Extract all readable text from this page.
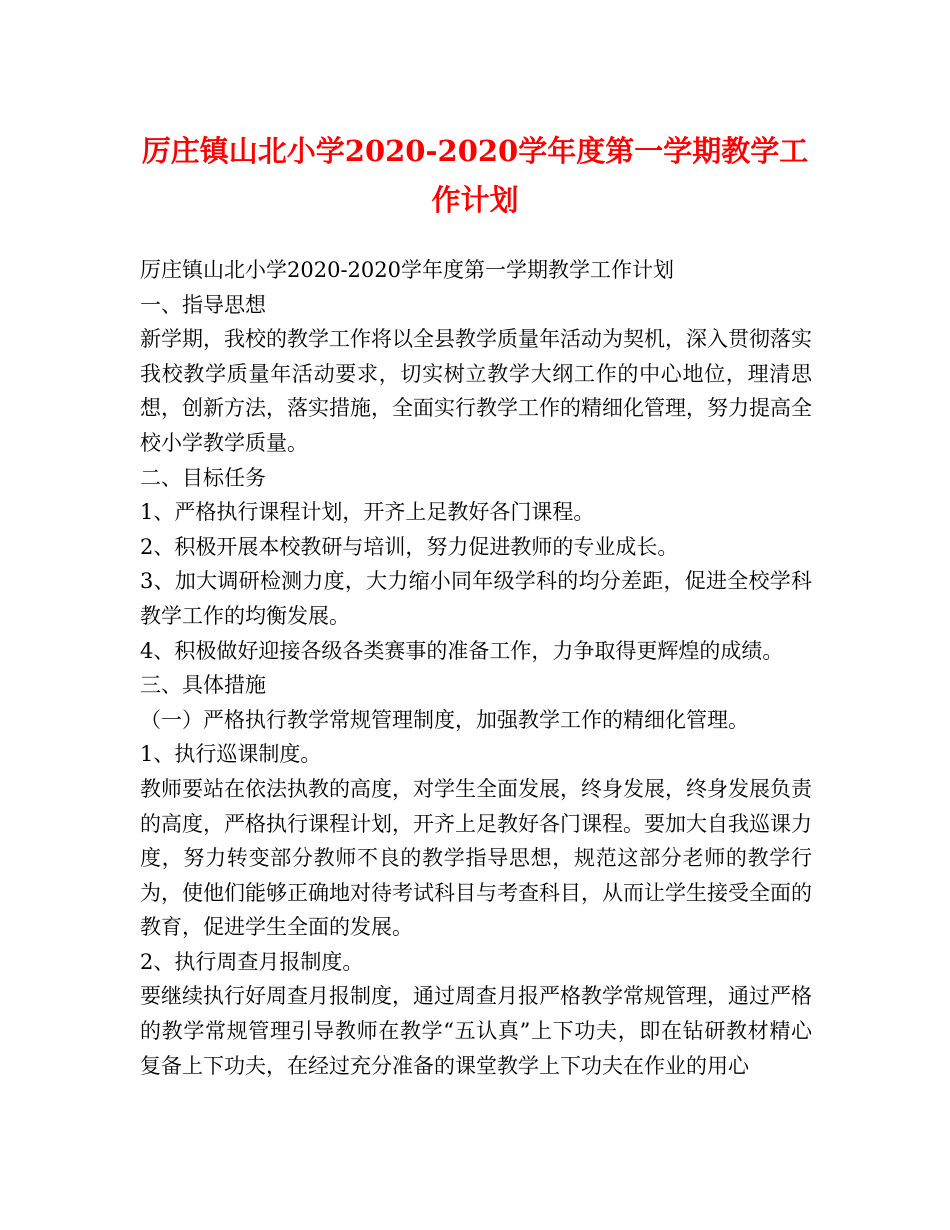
厉庄镇山北小学2020-2020学年度第一学期教学工作计划

厉庄镇山北小学2020-2020学年度第一学期教学工作计划

一、指导思想

新学期，我校的教学工作将以全县教学质量年活动为契机，深入贯彻落实我校教学质量年活动要求，切实树立教学大纲工作的中心地位，理清思想，创新方法，落实措施，全面实行教学工作的精细化管理，努力提高全校小学教学质量。

二、目标任务

1、严格执行课程计划，开齐上足教好各门课程。

2、积极开展本校教研与培训，努力促进教师的专业成长。

3、加大调研检测力度，大力缩小同年级学科的均分差距，促进全校学科教学工作的均衡发展。

4、积极做好迎接各级各类赛事的准备工作，力争取得更辉煌的成绩。

三、具体措施

（一）严格执行教学常规管理制度，加强教学工作的精细化管理。

1、执行巡课制度。

教师要站在依法执教的高度，对学生全面发展，终身发展，终身发展负责的高度，严格执行课程计划，开齐上足教好各门课程。要加大自我巡课力度，努力转变部分教师不良的教学指导思想，规范这部分老师的教学行为，使他们能够正确地对待考试科目与考查科目，从而让学生接受全面的教育，促进学生全面的发展。

2、执行周查月报制度。

要继续执行好周查月报制度，通过周查月报严格教学常规管理，通过严格的教学常规管理引导教师在教学“五认真”上下功夫，即在钻研教材精心复备上下功夫，在经过充分准备的课堂教学上下功夫在作业的用心
